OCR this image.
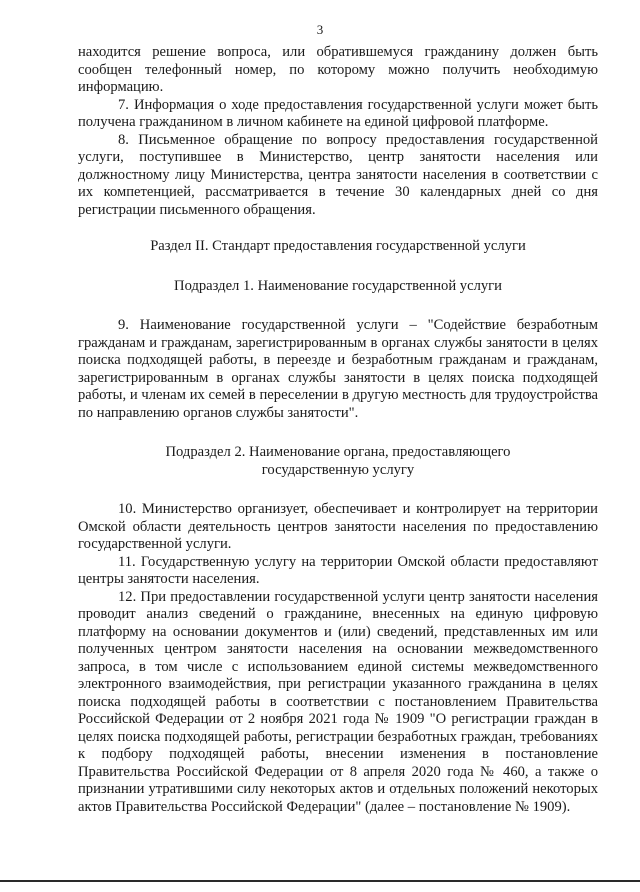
3

находится решение вопроса, или обратившемуся гражданину должен быть сообщен телефонный номер, по которому можно получить необходимую информацию.

7. Информация о ходе предоставления государственной услуги может быть получена гражданином в личном кабинете на единой цифровой платформе.

8. Письменное обращение по вопросу предоставления государственной услуги, поступившее в Министерство, центр занятости населения или должностному лицу Министерства, центра занятости населения в соответствии с их компетенцией, рассматривается в течение 30 календарных дней со дня регистрации письменного обращения.

Раздел II. Стандарт предоставления государственной услуги

Подраздел 1. Наименование государственной услуги

9. Наименование государственной услуги – "Содействие безработным гражданам и гражданам, зарегистрированным в органах службы занятости в целях поиска подходящей работы, в переезде и безработным гражданам и гражданам, зарегистрированным в органах службы занятости в целях поиска подходящей работы, и членам их семей в переселении в другую местность для трудоустройства по направлению органов службы занятости".

Подраздел 2. Наименование органа, предоставляющего

государственную услугу

10. Министерство организует, обеспечивает и контролирует на территории Омской области деятельность центров занятости населения по предоставлению государственной услуги.

11. Государственную услугу на территории Омской области предоставляют центры занятости населения.

12. При предоставлении государственной услуги центр занятости населения проводит анализ сведений о гражданине, внесенных на единую цифровую платформу на основании документов и (или) сведений, представленных им или полученных центром занятости населения на основании межведомственного запроса, в том числе с использованием единой системы межведомственного электронного взаимодействия, при регистрации указанного гражданина в целях поиска подходящей работы в соответствии с постановлением Правительства Российской Федерации от 2 ноября 2021 года № 1909 "О регистрации граждан в целях поиска подходящей работы, регистрации безработных граждан, требованиях к подбору подходящей работы, внесении изменения в постановление Правительства Российской Федерации от 8 апреля 2020 года № 460, а также о признании утратившими силу некоторых актов и отдельных положений некоторых актов Правительства Российской Федерации" (далее – постановление № 1909).
